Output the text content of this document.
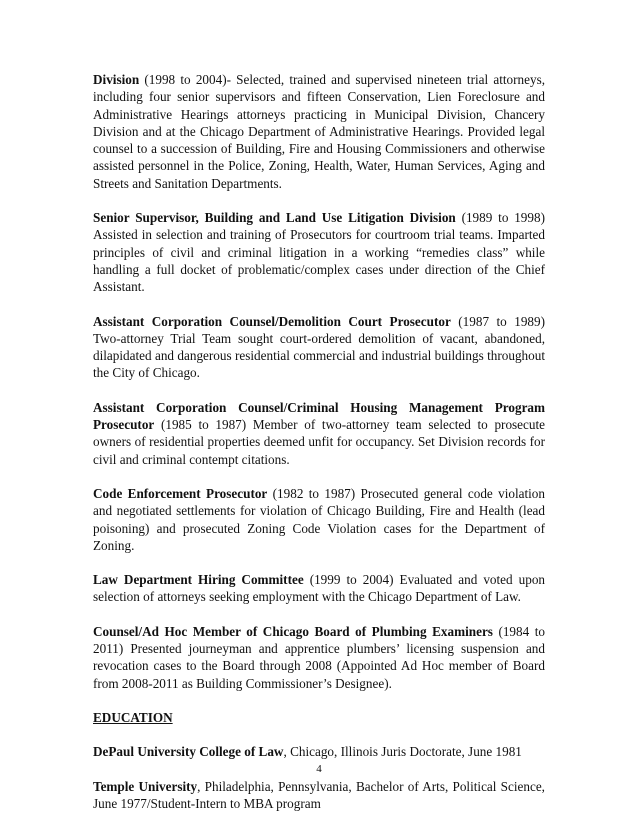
Division (1998 to 2004)- Selected, trained and supervised nineteen trial attorneys, including four senior supervisors and fifteen Conservation, Lien Foreclosure and Administrative Hearings attorneys practicing in Municipal Division, Chancery Division and at the Chicago Department of Administrative Hearings. Provided legal counsel to a succession of Building, Fire and Housing Commissioners and otherwise assisted personnel in the Police, Zoning, Health, Water, Human Services, Aging and Streets and Sanitation Departments.

Senior Supervisor, Building and Land Use Litigation Division (1989 to 1998) Assisted in selection and training of Prosecutors for courtroom trial teams. Imparted principles of civil and criminal litigation in a working “remedies class” while handling a full docket of problematic/complex cases under direction of the Chief Assistant.

Assistant Corporation Counsel/Demolition Court Prosecutor (1987 to 1989) Two-attorney Trial Team sought court-ordered demolition of vacant, abandoned, dilapidated and dangerous residential commercial and industrial buildings throughout the City of Chicago.

Assistant Corporation Counsel/Criminal Housing Management Program Prosecutor (1985 to 1987) Member of two-attorney team selected to prosecute owners of residential properties deemed unfit for occupancy. Set Division records for civil and criminal contempt citations.

Code Enforcement Prosecutor (1982 to 1987) Prosecuted general code violation and negotiated settlements for violation of Chicago Building, Fire and Health (lead poisoning) and prosecuted Zoning Code Violation cases for the Department of Zoning.

Law Department Hiring Committee (1999 to 2004) Evaluated and voted upon selection of attorneys seeking employment with the Chicago Department of Law.

Counsel/Ad Hoc Member of Chicago Board of Plumbing Examiners (1984 to 2011) Presented journeyman and apprentice plumbers’ licensing suspension and revocation cases to the Board through 2008 (Appointed Ad Hoc member of Board from 2008-2011 as Building Commissioner’s Designee).

EDUCATION

DePaul University College of Law, Chicago, Illinois Juris Doctorate, June 1981

Temple University, Philadelphia, Pennsylvania, Bachelor of Arts, Political Science, June 1977/Student-Intern to MBA program

4
